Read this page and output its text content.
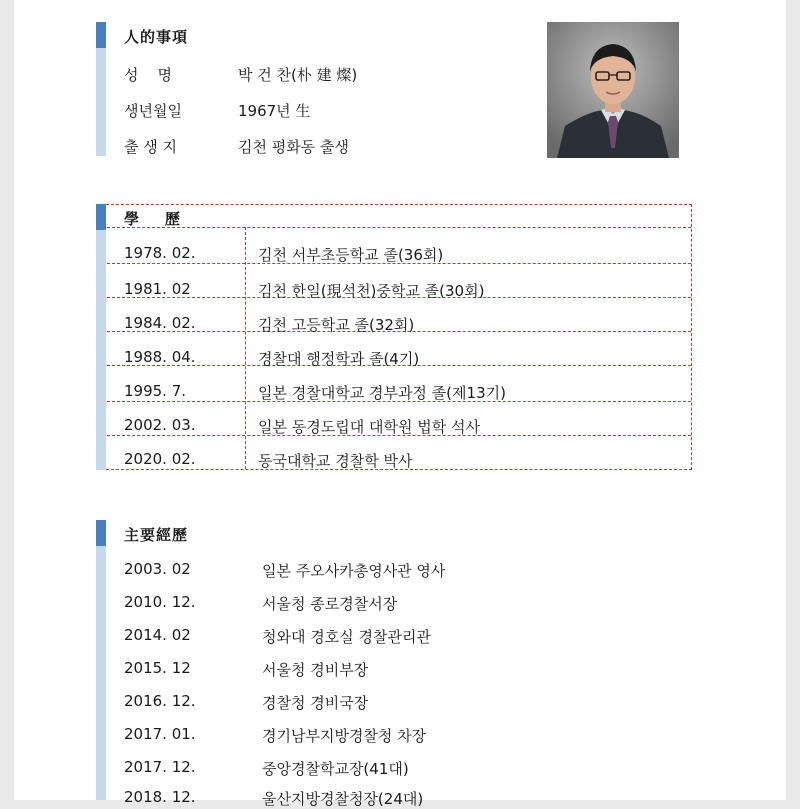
人的事項
성    명	박 건 찬(朴 建 燦)
생년월일	1967년 生
출 생 지	김천 평화동 출생
學    歷
1978. 02.	김천 서부초등학교 졸(36회)
1981. 02	김천 한일(現석천)중학교 졸(30회)
1984. 02.	김천 고등학교 졸(32회)
1988. 04.	경찰대 행정학과 졸(4기)
1995. 7.	일본 경찰대학교 경부과정 졸(제13기)
2002. 03.	일본 동경도립대 대학원 법학 석사
2020. 02.	동국대학교 경찰학 박사
主要經歷
2003. 02	일본 주오사카총영사관 영사
2010. 12.	서울청 종로경찰서장
2014. 02	청와대 경호실 경찰관리관
2015. 12	서울청 경비부장
2016. 12.	경찰청 경비국장
2017. 01.	경기남부지방경찰청 차장
2017. 12.	중앙경찰학교장(41대)
2018. 12.	울산지방경찰청장(24대)
